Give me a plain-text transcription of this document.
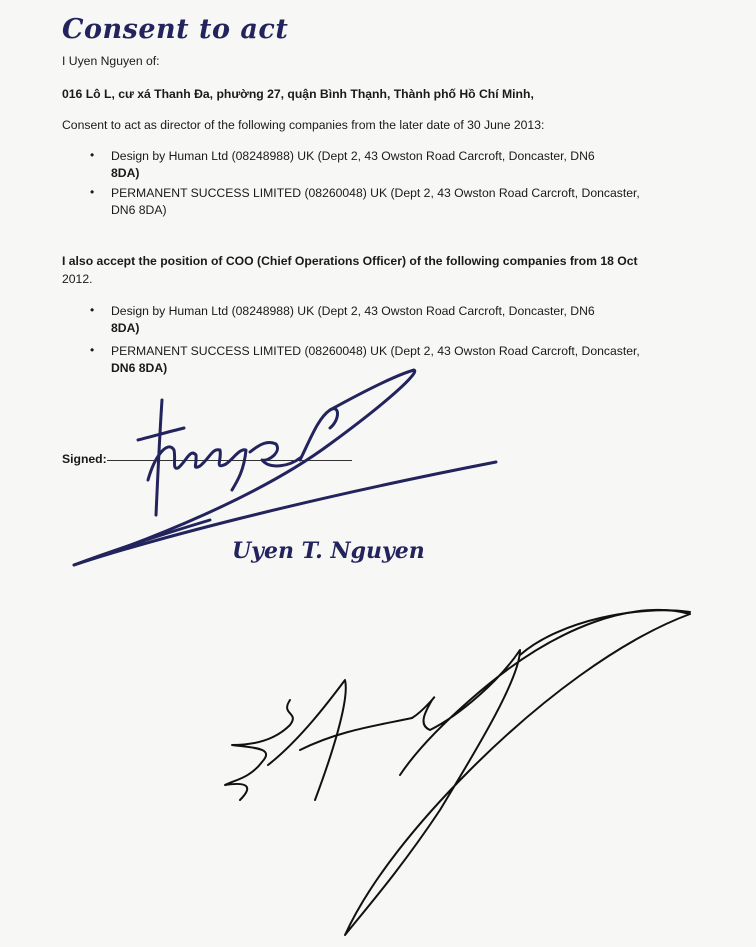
Consent to act
I Uyen Nguyen of:
016 Lô L, cư xá Thanh Đa, phường 27, quận Bình Thạnh, Thành phố Hồ Chí Minh,
Consent to act as director of the following companies from the later date of 30 June 2013:
• Design by Human Ltd (08248988) UK (Dept 2, 43 Owston Road Carcroft, Doncaster, DN6
8DA)
• PERMANENT SUCCESS LIMITED (08260048) UK (Dept 2, 43 Owston Road Carcroft, Doncaster,
DN6 8DA)
I also accept the position of COO (Chief Operations Officer) of the following companies from 18 Oct
2012.
• Design by Human Ltd (08248988) UK (Dept 2, 43 Owston Road Carcroft, Doncaster, DN6
8DA)
• PERMANENT SUCCESS LIMITED (08260048) UK (Dept 2, 43 Owston Road Carcroft, Doncaster,
DN6 8DA)
Signed:
Uyen T. Nguyen
